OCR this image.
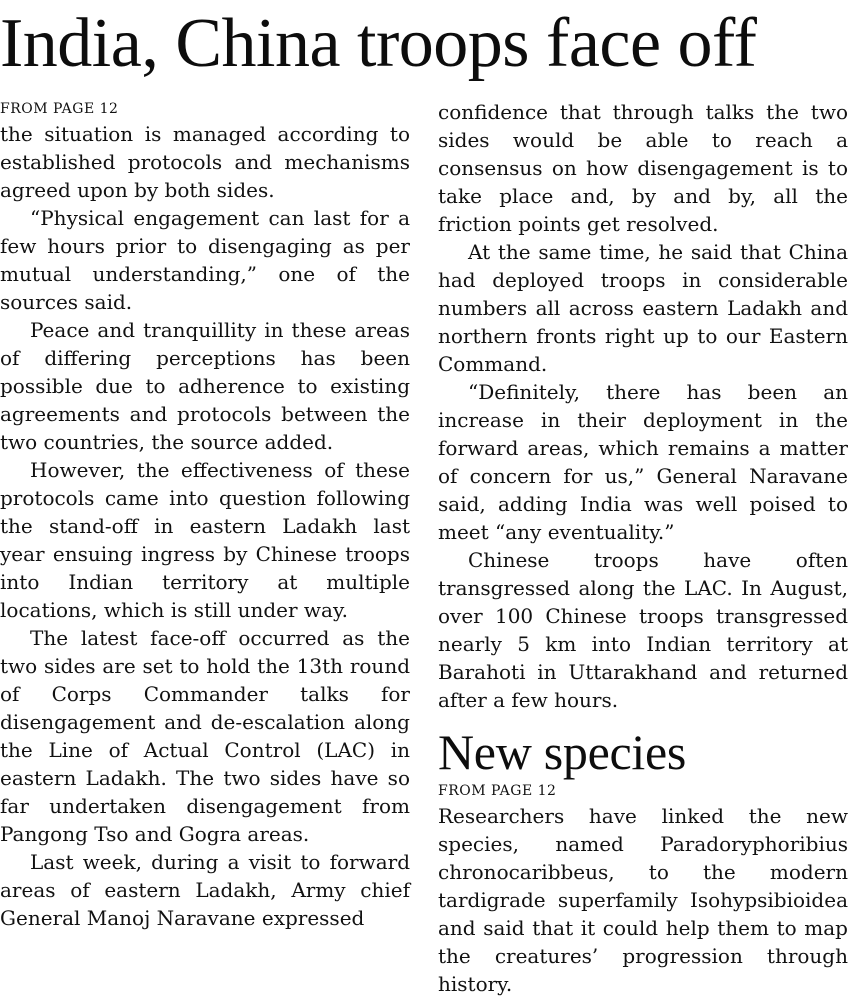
India, China troops face off

FROM PAGE 12

the situation is managed according to established protocols and mechanisms agreed upon by both sides.

“Physical engagement can last for a few hours prior to disengaging as per mutual understanding,” one of the sources said.

Peace and tranquillity in these areas of differing perceptions has been possible due to adherence to existing agreements and protocols between the two countries, the source added.

However, the effectiveness of these protocols came into question following the stand-off in eastern Ladakh last year ensuing ingress by Chinese troops into Indian territory at multiple locations, which is still under way.

The latest face-off occurred as the two sides are set to hold the 13th round of Corps Commander talks for disengagement and de-escalation along the Line of Actual Control (LAC) in eastern Ladakh. The two sides have so far undertaken disengagement from Pangong Tso and Gogra areas.

Last week, during a visit to forward areas of eastern Ladakh, Army chief General Manoj Naravane expressed

confidence that through talks the two sides would be able to reach a consensus on how disengagement is to take place and, by and by, all the friction points get resolved.

At the same time, he said that China had deployed troops in considerable numbers all across eastern Ladakh and northern fronts right up to our Eastern Command.

“Definitely, there has been an increase in their deployment in the forward areas, which remains a matter of concern for us,” General Naravane said, adding India was well poised to meet “any eventuality.”

Chinese troops have often transgressed along the LAC. In August, over 100 Chinese troops transgressed nearly 5 km into Indian territory at Barahoti in Uttarakhand and returned after a few hours.

New species

FROM PAGE 12

Researchers have linked the new species, named Paradoryphoribius chronocaribbeus, to the modern tardigrade superfamily Isohypsibioidea and said that it could help them to map the creatures’ progression through history.
